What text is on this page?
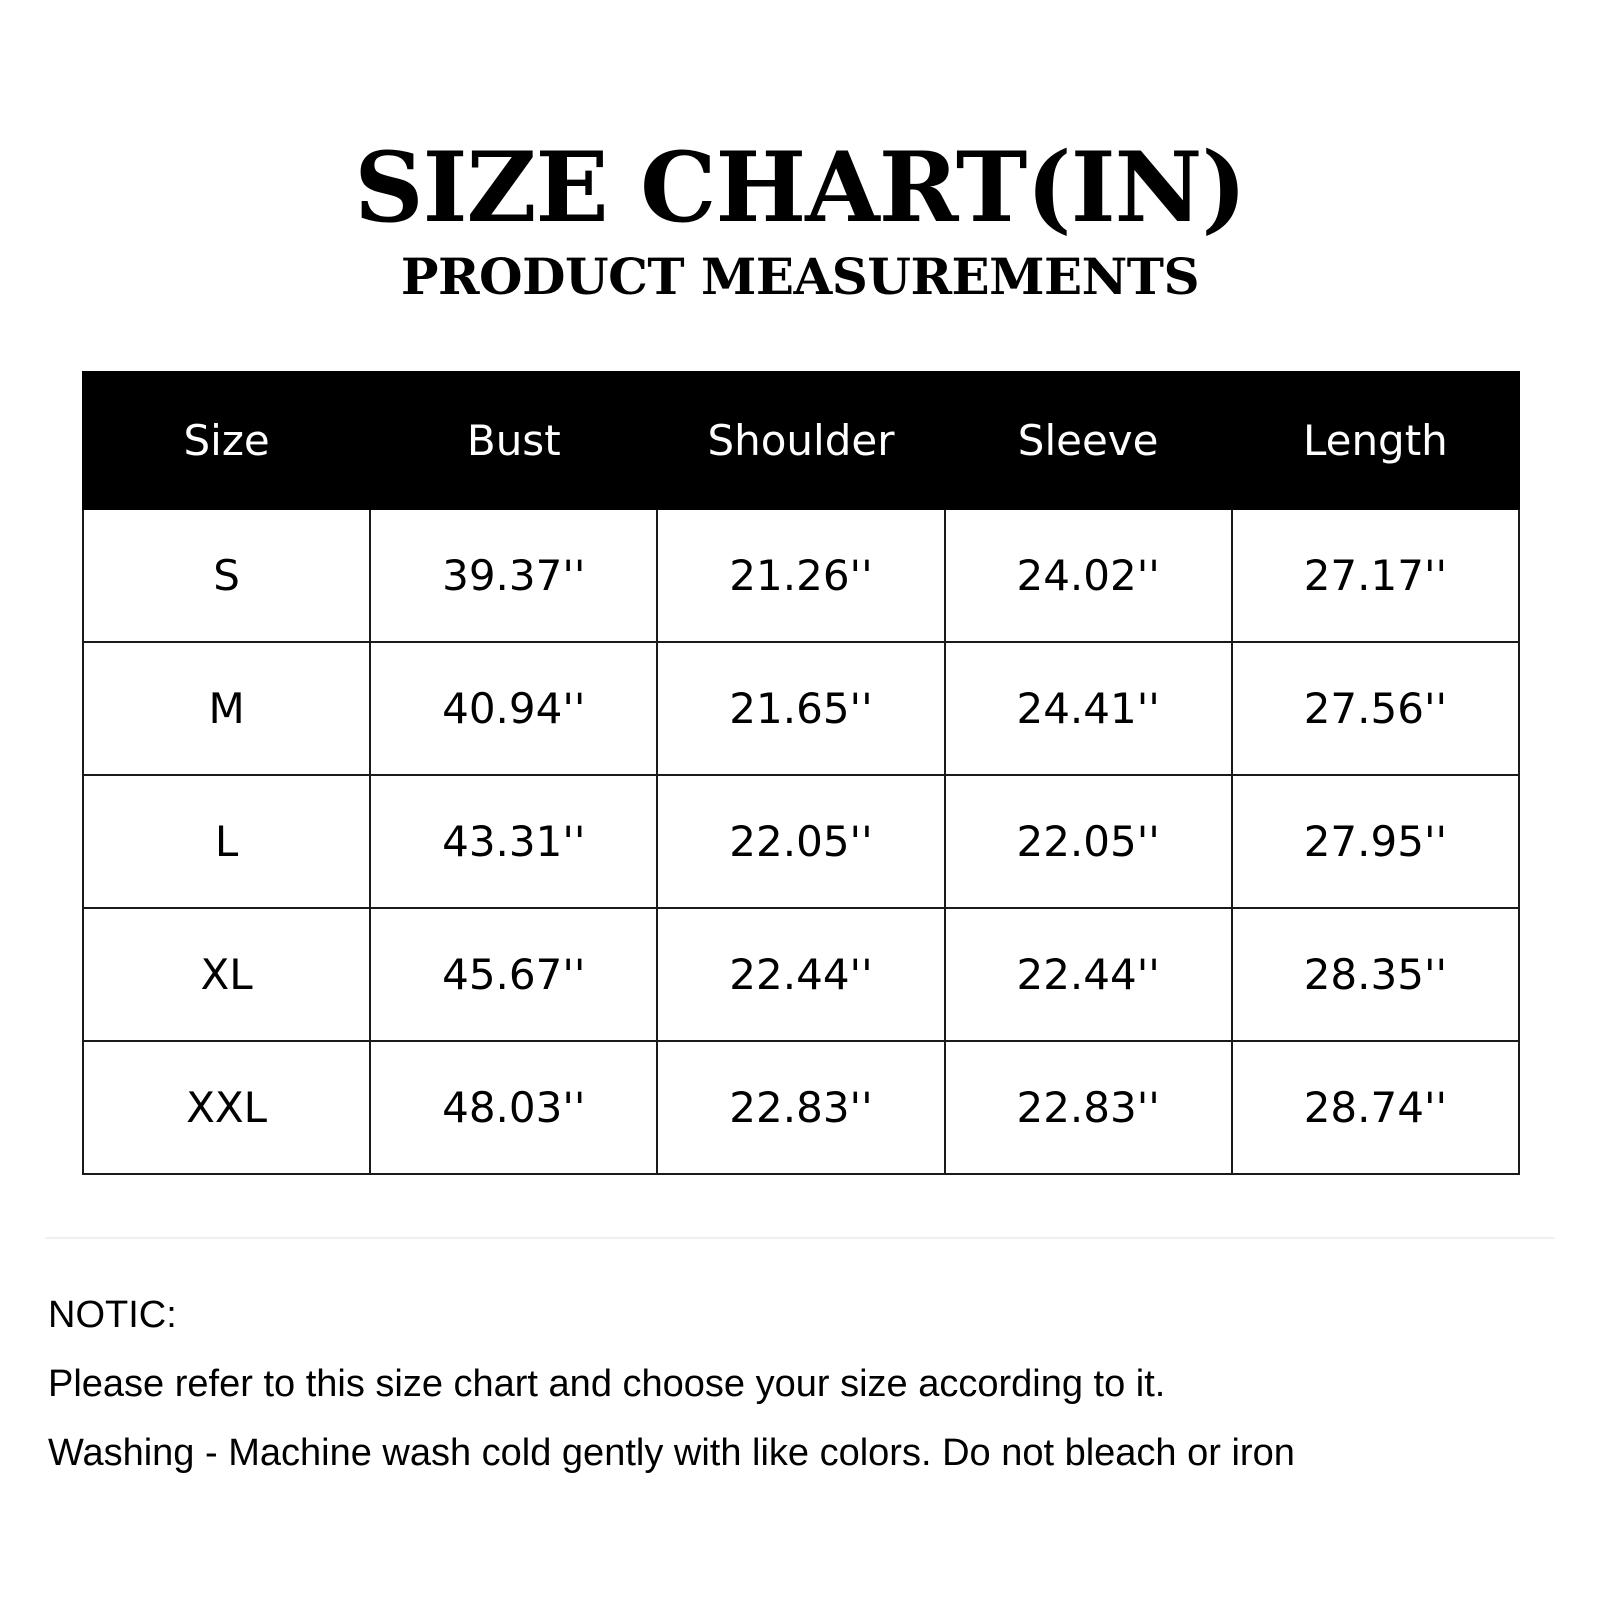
SIZE CHART(IN)
PRODUCT MEASUREMENTS
Size	Bust	Shoulder	Sleeve	Length
S	39.37''	21.26''	24.02''	27.17''
M	40.94''	21.65''	24.41''	27.56''
L	43.31''	22.05''	22.05''	27.95''
XL	45.67''	22.44''	22.44''	28.35''
XXL	48.03''	22.83''	22.83''	28.74''
NOTIC:
Please refer to this size chart and choose your size according to it.
Washing - Machine wash cold gently with like colors. Do not bleach or iron
